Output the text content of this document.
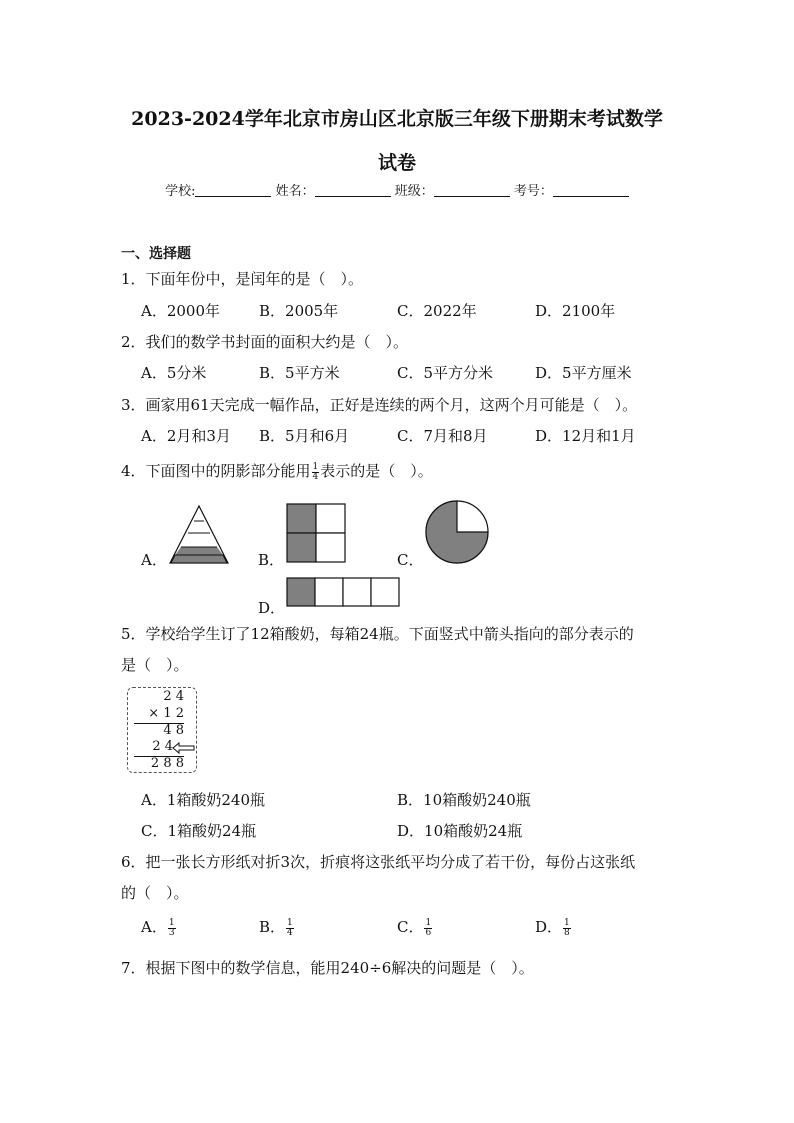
2023-2024学年北京市房山区北京版三年级下册期末考试数学
试卷
学校:	姓名：	班级：	考号：
一、选择题
1．下面年份中，是闰年的是（　）。
A．2000年	B．2005年	C．2022年	D．2100年
2．我们的数学书封面的面积大约是（　）。
A．5分米	B．5平方米	C．5平方分米	D．5平方厘米
3．画家用61天完成一幅作品，正好是连续的两个月，这两个月可能是（　）。
A．2月和3月 B．5月和6月	C．7月和8月	D．12月和1月
4．下面图中的阴影部分能用 $\frac{1}{4}$ 表示的是（　）。
A．	B．	C．
D．
5．学校给学生订了12箱酸奶，每箱24瓶。下面竖式中箭头指向的部分表示的
是（　）。
2 4
× 1 2
4 8
2 4
2 8 8
A．1箱酸奶240瓶	B．10箱酸奶240瓶
C．1箱酸奶24瓶	D．10箱酸奶24瓶
6．把一张长方形纸对折3次，折痕将这张纸平均分成了若干份，每份占这张纸
的（　）。
A． $\frac{1}{3}$	B． $\frac{1}{4}$	C． $\frac{1}{6}$	D． $\frac{1}{8}$
7．根据下图中的数学信息，能用240÷6解决的问题是（　）。
